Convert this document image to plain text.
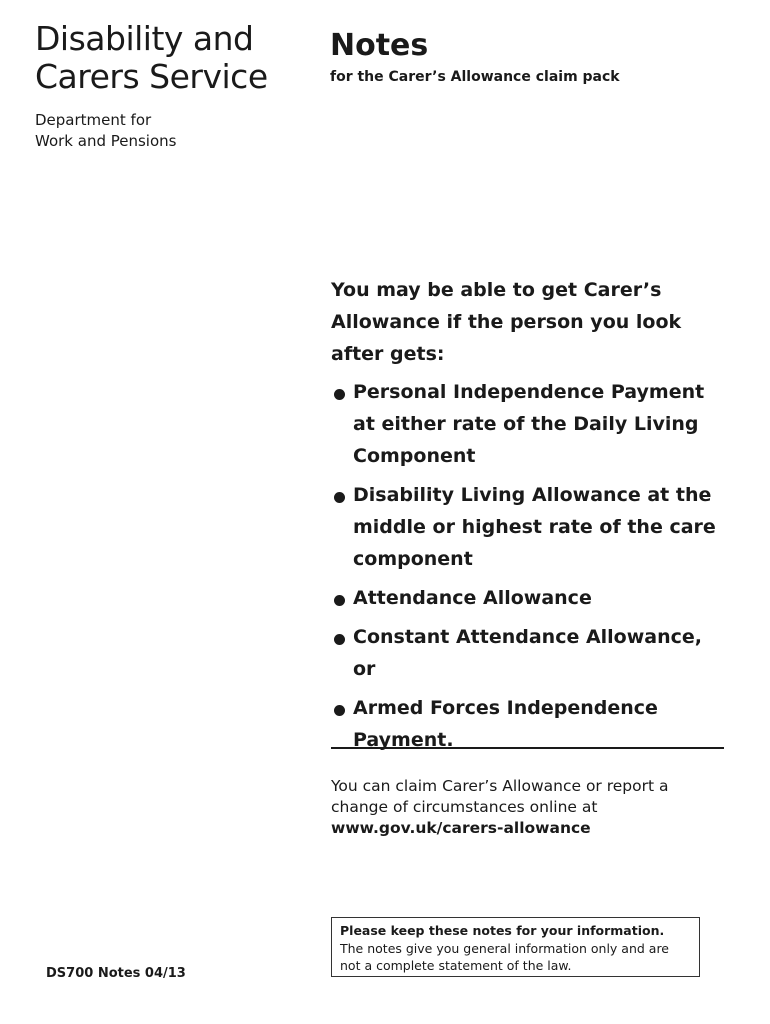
Disability and
Carers Service
Department for
Work and Pensions
Notes
for the Carer’s Allowance claim pack

You may be able to get Carer’s Allowance if the person you look after gets:

Personal Independence Payment at either rate of the Daily Living Component
Disability Living Allowance at the middle or highest rate of the care component
Attendance Allowance
Constant Attendance Allowance, or
Armed Forces Independence Payment.
You can claim Carer’s Allowance or report a change of circumstances online at
www.gov.uk/carers-allowance
DS700 Notes 04/13
Please keep these notes for your information.
The notes give you general information only and are not a complete statement of the law.
